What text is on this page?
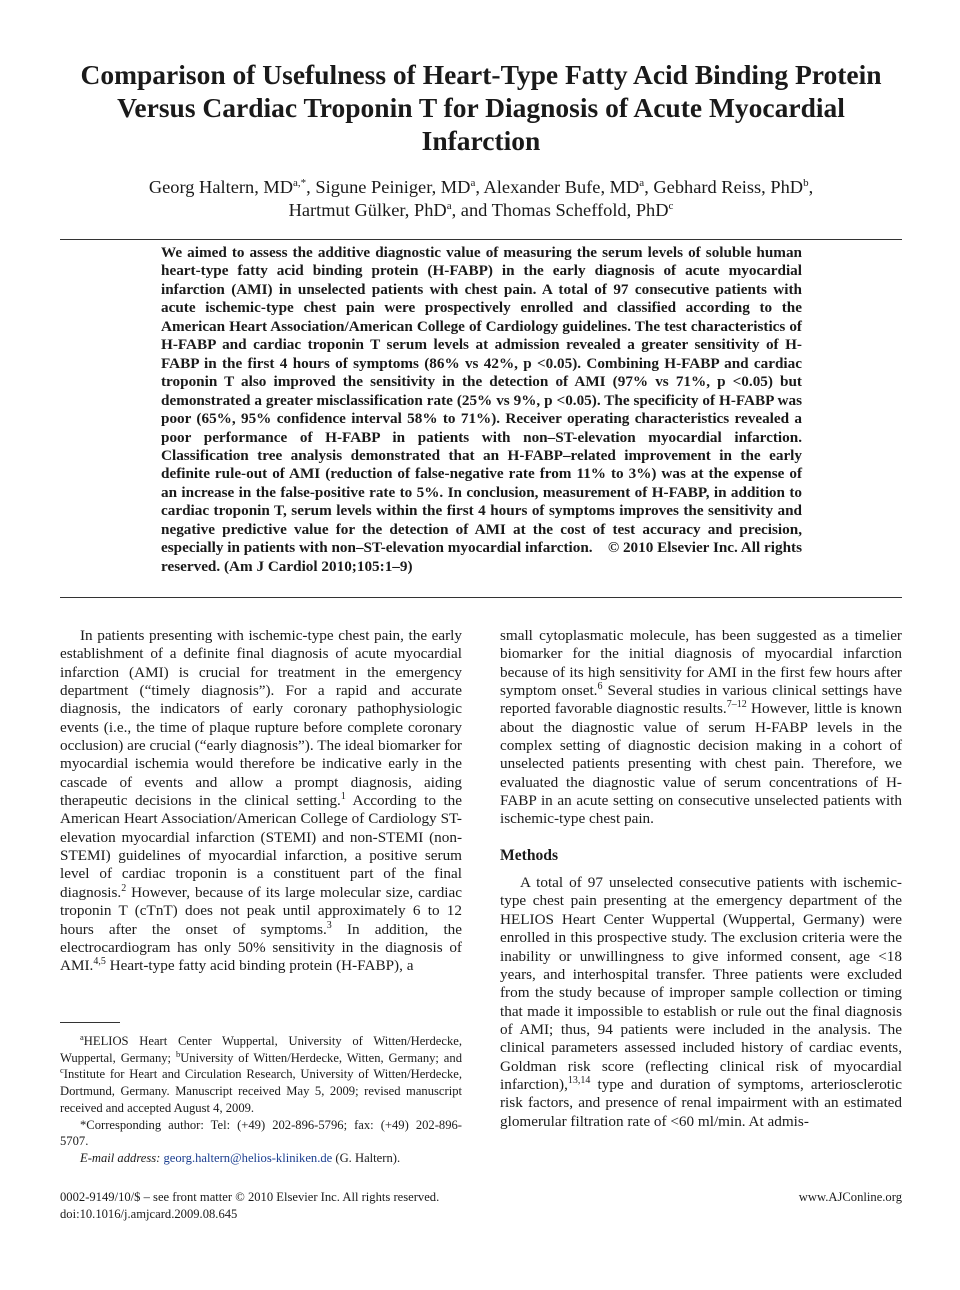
Comparison of Usefulness of Heart-Type Fatty Acid Binding Protein Versus Cardiac Troponin T for Diagnosis of Acute Myocardial Infarction
Georg Haltern, $MD^{a,*}$, Sigune Peiniger, $MD^a$, Alexander Bufe, $MD^a$, Gebhard Reiss, PhD$^b$,
Hartmut Gülker, PhD$^a$, and Thomas Scheffold, PhD$^c$

We aimed to assess the additive diagnostic value of measuring the serum levels of soluble human heart-type fatty acid binding protein (H-FABP) in the early diagnosis of acute myocardial infarction (AMI) in unselected patients with chest pain. A total of 97 consecutive patients with acute ischemic-type chest pain were prospectively enrolled and classified according to the American Heart Association/American College of Cardiology guidelines. The test characteristics of H-FABP and cardiac troponin T serum levels at admission revealed a greater sensitivity of H-FABP in the first 4 hours of symptoms (86% vs 42%, p <0.05). Combining H-FABP and cardiac troponin T also improved the sensitivity in the detection of AMI (97% vs 71%, p <0.05) but demonstrated a greater misclassification rate (25% vs 9%, p <0.05). The specificity of H-FABP was poor (65%, 95% confidence interval 58% to 71%). Receiver operating characteristics revealed a poor performance of H-FABP in patients with non–ST-elevation myocardial infarction. Classification tree analysis demonstrated that an H-FABP–related improvement in the early definite rule-out of AMI (reduction of false-negative rate from 11% to 3%) was at the expense of an increase in the false-positive rate to 5%. In conclusion, measurement of H-FABP, in addition to cardiac troponin T, serum levels within the first 4 hours of symptoms improves the sensitivity and negative predictive value for the detection of AMI at the cost of test accuracy and precision, especially in patients with non–ST-elevation myocardial infarction. © 2010 Elsevier Inc. All rights reserved. (Am J Cardiol 2010;105:1–9)

In patients presenting with ischemic-type chest pain, the early establishment of a definite final diagnosis of acute myocardial infarction (AMI) is crucial for treatment in the emergency department (“timely diagnosis”). For a rapid and accurate diagnosis, the indicators of early coronary pathophysiologic events (i.e., the time of plaque rupture before complete coronary occlusion) are crucial (“early diagnosis”). The ideal biomarker for myocardial ischemia would therefore be indicative early in the cascade of events and allow a prompt diagnosis, aiding therapeutic decisions in the clinical setting.$^1$ According to the American Heart Association/American College of Cardiology ST-elevation myocardial infarction (STEMI) and non-STEMI (non-STEMI) guidelines of myocardial infarction, a positive serum level of cardiac troponin is a constituent part of the final diagnosis.$^2$ However, because of its large molecular size, cardiac troponin T (cTnT) does not peak until approximately 6 to 12 hours after the onset of symptoms.$^3$ In addition, the electrocardiogram has only 50% sensitivity in the diagnosis of AMI.$^{4,5}$ Heart-type fatty acid binding protein (H-FABP), a

small cytoplasmatic molecule, has been suggested as a timelier biomarker for the initial diagnosis of myocardial infarction because of its high sensitivity for AMI in the first few hours after symptom onset.$^6$ Several studies in various clinical settings have reported favorable diagnostic results.$^{7-12}$ However, little is known about the diagnostic value of serum H-FABP levels in the complex setting of diagnostic decision making in a cohort of unselected patients presenting with chest pain. Therefore, we evaluated the diagnostic value of serum concentrations of H-FABP in an acute setting on consecutive unselected patients with ischemic-type chest pain.

Methods

A total of 97 unselected consecutive patients with ischemic-type chest pain presenting at the emergency department of the HELIOS Heart Center Wuppertal (Wuppertal, Germany) were enrolled in this prospective study. The exclusion criteria were the inability or unwillingness to give informed consent, age <18 years, and interhospital transfer. Three patients were excluded from the study because of improper sample collection or timing that made it impossible to establish or rule out the final diagnosis of AMI; thus, 94 patients were included in the analysis. The clinical parameters assessed included history of cardiac events, Goldman risk score (reflecting clinical risk of myocardial infarction),$^{13,14}$ type and duration of symptoms, arteriosclerotic risk factors, and presence of renal impairment with an estimated glomerular filtration rate of <60 ml/min. At admis-

$^a$HELIOS Heart Center Wuppertal, University of Witten/Herdecke, Wuppertal, Germany; $^b$University of Witten/Herdecke, Witten, Germany; and $^c$Institute for Heart and Circulation Research, University of Witten/Herdecke, Dortmund, Germany. Manuscript received May 5, 2009; revised manuscript received and accepted August 4, 2009.

*Corresponding author: Tel: (+49) 202-896-5796; fax: (+49) 202-896-5707.

E-mail address: georg.haltern@helios-kliniken.de (G. Haltern).

0002-9149/10/$ – see front matter © 2010 Elsevier Inc. All rights reserved.

doi:10.1016/j.amjcard.2009.08.645

www.AJConline.org
